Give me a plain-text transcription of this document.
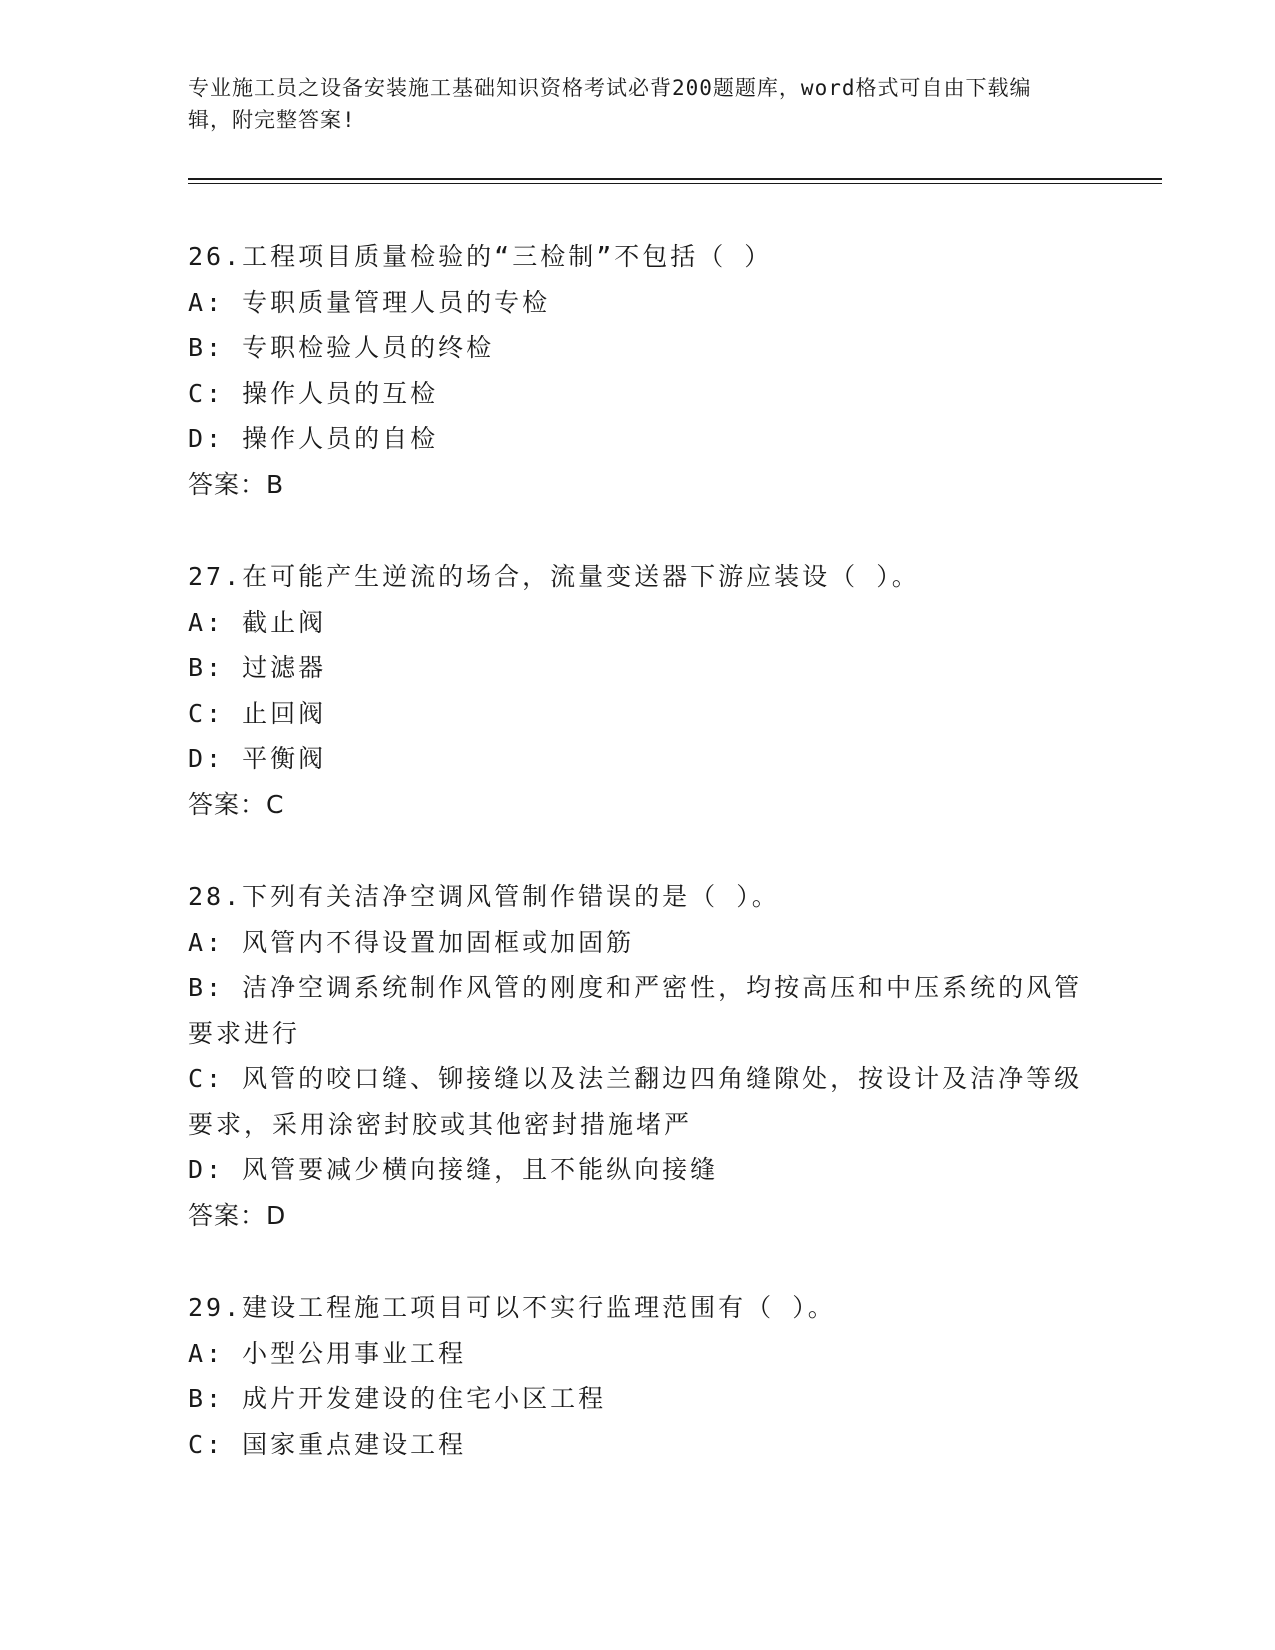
专业施工员之设备安装施工基础知识资格考试必背200题题库，word格式可自由下载编辑，附完整答案!
26.工程项目质量检验的“三检制”不包括（ ）
A: 专职质量管理人员的专检
B: 专职检验人员的终检
C: 操作人员的互检
D: 操作人员的自检
答案：B
27.在可能产生逆流的场合，流量变送器下游应装设（ ）。
A: 截止阀
B: 过滤器
C: 止回阀
D: 平衡阀
答案：C
28.下列有关洁净空调风管制作错误的是（ ）。
A: 风管内不得设置加固框或加固筋
B: 洁净空调系统制作风管的刚度和严密性，均按高压和中压系统的风管要求进行
C: 风管的咬口缝、铆接缝以及法兰翻边四角缝隙处，按设计及洁净等级要求，采用涂密封胶或其他密封措施堵严
D: 风管要减少横向接缝，且不能纵向接缝
答案：D
29.建设工程施工项目可以不实行监理范围有（ ）。
A: 小型公用事业工程
B: 成片开发建设的住宅小区工程
C: 国家重点建设工程
